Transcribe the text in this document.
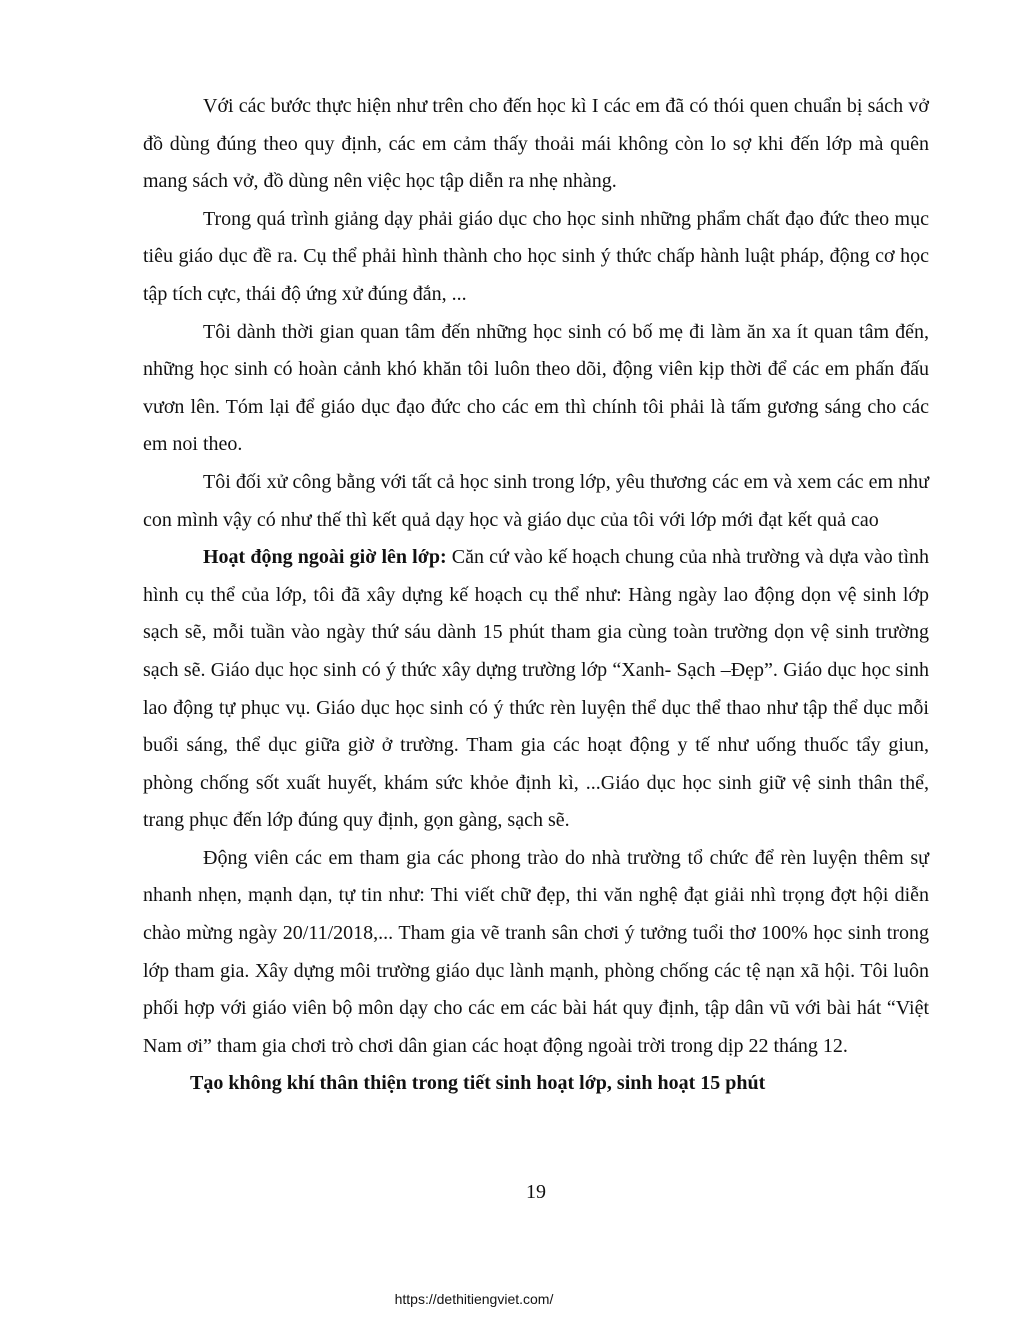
Với các bước thực hiện như trên cho đến học kì I các em đã có thói quen chuẩn bị sách vở đồ dùng đúng theo quy định, các em cảm thấy thoải mái không còn lo sợ khi đến lớp mà quên mang sách vở, đồ dùng nên việc học tập diễn ra nhẹ nhàng.

Trong quá trình giảng dạy phải giáo dục cho học sinh những phẩm chất đạo đức theo mục tiêu giáo dục đề ra. Cụ thể phải hình thành cho học sinh ý thức chấp hành luật pháp, động cơ học tập tích cực, thái độ ứng xử đúng đắn, ...

Tôi dành thời gian quan tâm đến những học sinh có bố mẹ đi làm ăn xa ít quan tâm đến, những học sinh có hoàn cảnh khó khăn tôi luôn theo dõi, động viên kịp thời để các em phấn đấu vươn lên. Tóm lại để giáo dục đạo đức cho các em thì chính tôi phải là tấm gương sáng cho các em noi theo.

Tôi đối xử công bằng với tất cả học sinh trong lớp, yêu thương các em và xem các em như con mình vậy có như thế thì kết quả dạy học và giáo dục của tôi với lớp mới đạt kết quả cao

Hoạt động ngoài giờ lên lớp: Căn cứ vào kế hoạch chung của nhà trường và dựa vào tình hình cụ thể của lớp, tôi đã xây dựng kế hoạch cụ thể như: Hàng ngày lao động dọn vệ sinh lớp sạch sẽ, mỗi tuần vào ngày thứ sáu dành 15 phút tham gia cùng toàn trường dọn vệ sinh trường sạch sẽ. Giáo dục học sinh có ý thức xây dựng trường lớp “Xanh- Sạch –Đẹp”. Giáo dục học sinh lao động tự phục vụ. Giáo dục học sinh có ý thức rèn luyện thể dục thể thao như tập thể dục mỗi buổi sáng, thể dục giữa giờ ở trường. Tham gia các hoạt động y tế như uống thuốc tẩy giun, phòng chống sốt xuất huyết, khám sức khỏe định kì, ...Giáo dục học sinh giữ vệ sinh thân thể, trang phục đến lớp đúng quy định, gọn gàng, sạch sẽ.

Động viên các em tham gia các phong trào do nhà trường tổ chức để rèn luyện thêm sự nhanh nhẹn, mạnh dạn, tự tin như: Thi viết chữ đẹp, thi văn nghệ đạt giải nhì trọng đợt hội diễn chào mừng ngày 20/11/2018,... Tham gia vẽ tranh sân chơi ý tưởng tuổi thơ 100% học sinh trong lớp tham gia. Xây dựng môi trường giáo dục lành mạnh, phòng chống các tệ nạn xã hội. Tôi luôn phối hợp với giáo viên bộ môn dạy cho các em các bài hát quy định, tập dân vũ với bài hát “Việt Nam ơi” tham gia chơi trò chơi dân gian các hoạt động ngoài trời trong dịp 22 tháng 12.

Tạo không khí thân thiện trong tiết sinh hoạt lớp, sinh hoạt 15 phút

19
https://dethitiengviet.com/
